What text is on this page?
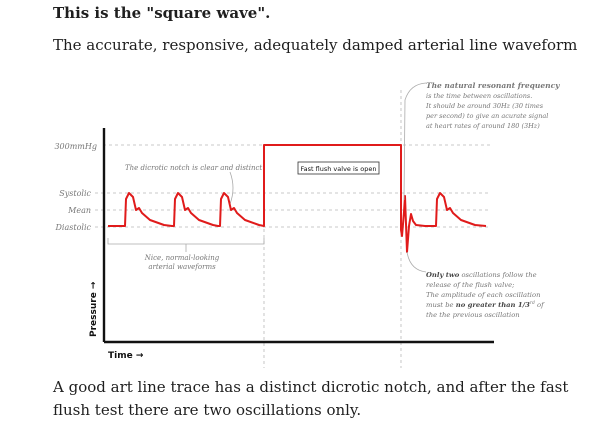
This is the "square wave".
The accurate, responsive, adequately damped arterial line waveform
300mmHg
Systolic
Mean
Diastolic
Time →
Pressure →
The dicrotic notch is clear and distinct
Nice, normal-looking
arterial waveforms
Fast flush valve is open
The natural resonant frequency
is the time between oscillations.
It should be around 30Hz (30 times
per second) to give an acurate signal
at heart rates of around 180 (3Hz)
Only two oscillations follow the
release of the flush valve;
The amplitude of each oscillation
must be no greater than 1/3rd of
the the previous oscillation
A good art line trace has a distinct dicrotic notch, and after the fast flush test there are two oscillations only.
